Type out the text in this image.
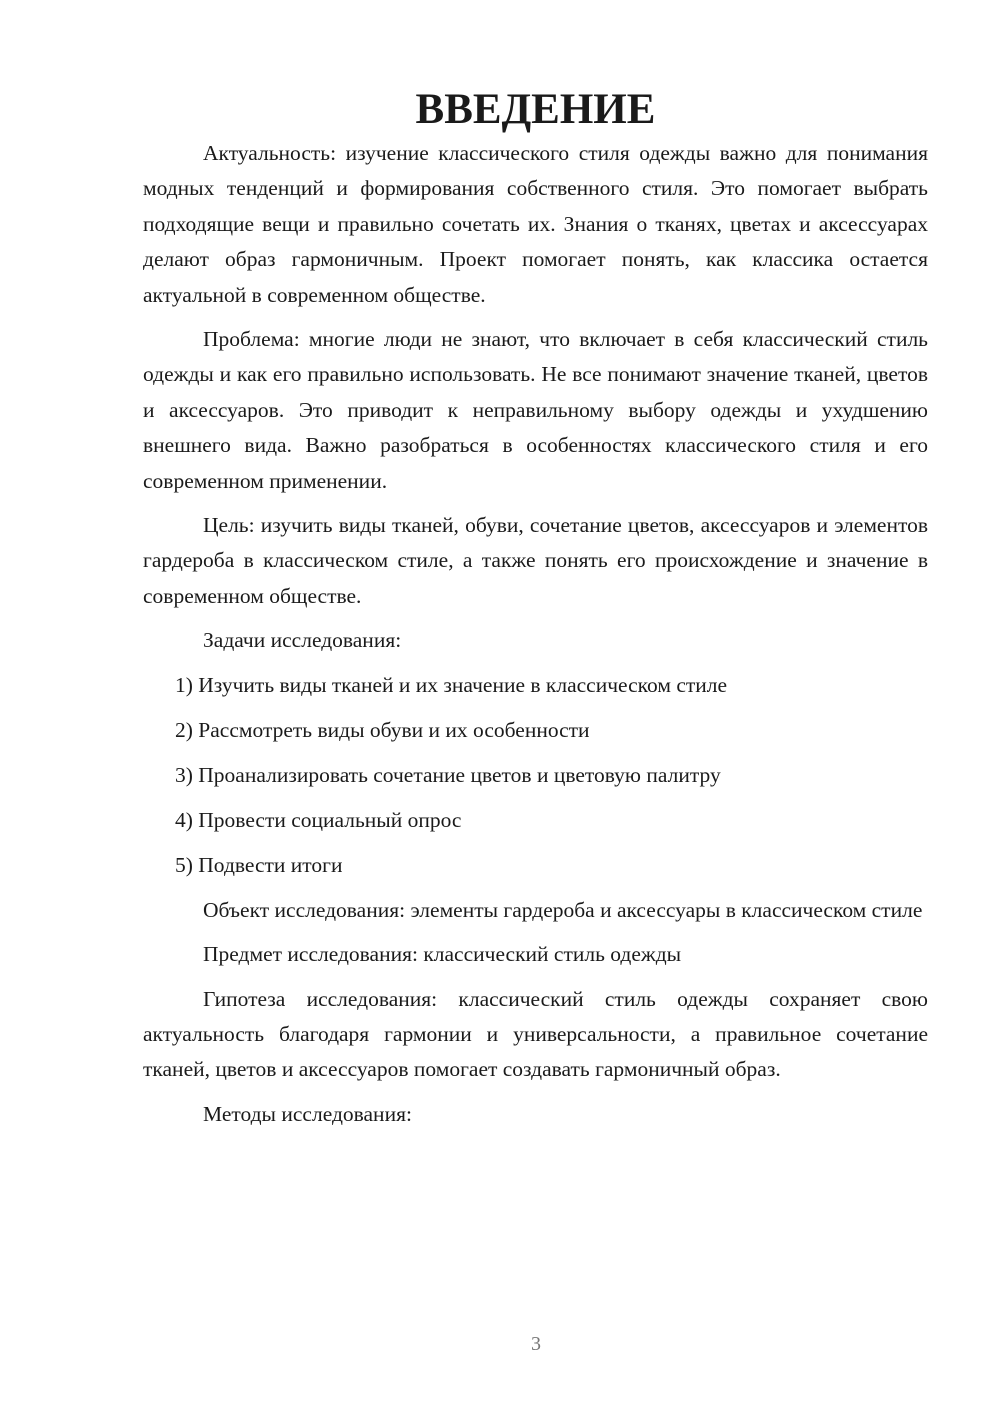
ВВЕДЕНИЕ

Актуальность: изучение классического стиля одежды важно для понимания модных тенденций и формирования собственного стиля. Это помогает выбрать подходящие вещи и правильно сочетать их. Знания о тканях, цветах и аксессуарах делают образ гармоничным. Проект помогает понять, как классика остается актуальной в современном обществе.

Проблема: многие люди не знают, что включает в себя классический стиль одежды и как его правильно использовать. Не все понимают значение тканей, цветов и аксессуаров. Это приводит к неправильному выбору одежды и ухудшению внешнего вида. Важно разобраться в особенностях классического стиля и его современном применении.

Цель: изучить виды тканей, обуви, сочетание цветов, аксессуаров и элементов гардероба в классическом стиле, а также понять его происхождение и значение в современном обществе.

Задачи исследования:

1) Изучить виды тканей и их значение в классическом стиле

2) Рассмотреть виды обуви и их особенности

3) Проанализировать сочетание цветов и цветовую палитру

4) Провести социальный опрос

5) Подвести итоги

Объект исследования: элементы гардероба и аксессуары в классическом стиле

Предмет исследования: классический стиль одежды

Гипотеза исследования: классический стиль одежды сохраняет свою актуальность благодаря гармонии и универсальности, а правильное сочетание тканей, цветов и аксессуаров помогает создавать гармоничный образ.

Методы исследования:

3
